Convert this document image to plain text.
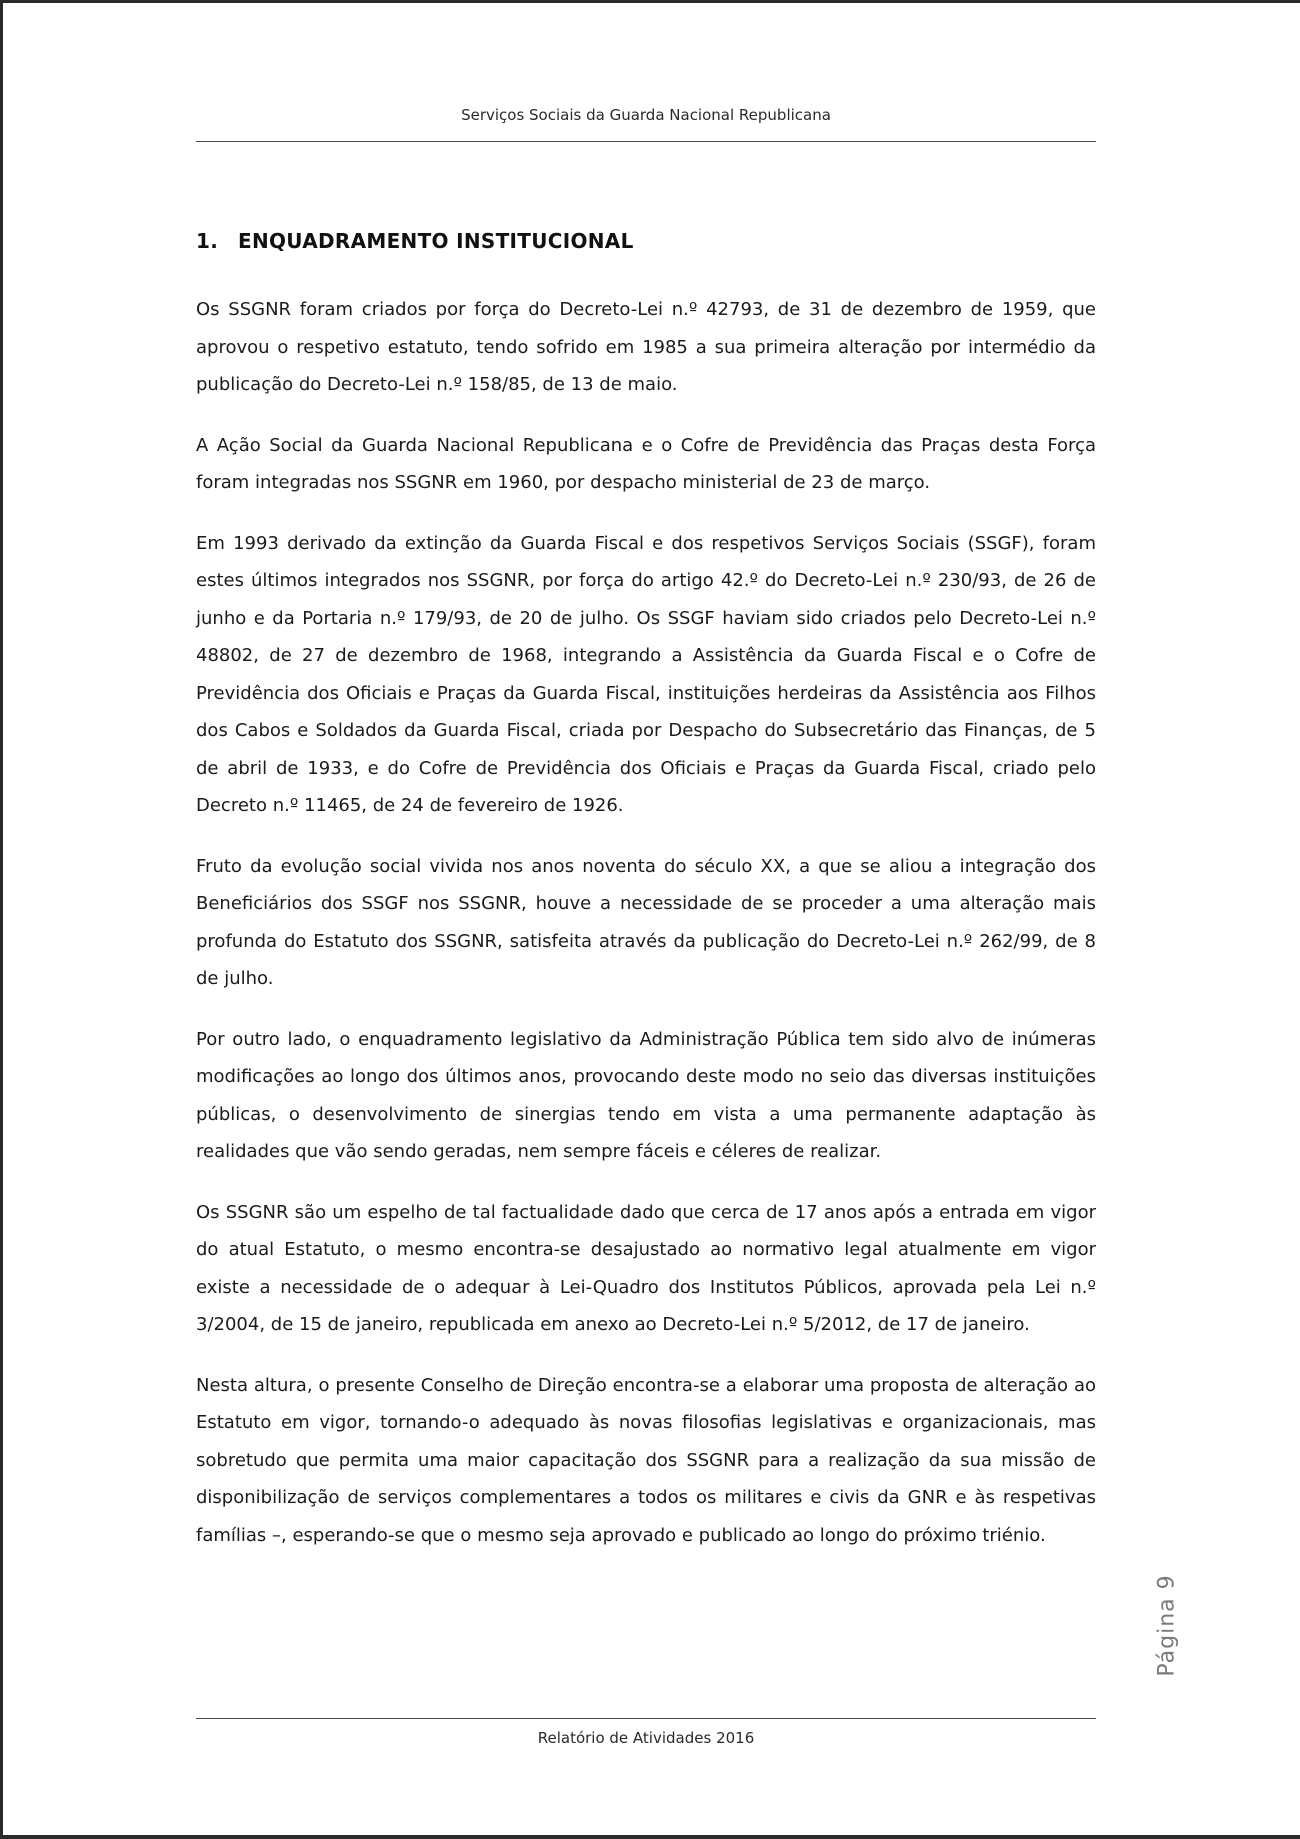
Serviços Sociais da Guarda Nacional Republicana
1. ENQUADRAMENTO INSTITUCIONAL

Os SSGNR foram criados por força do Decreto-Lei n.º 42793, de 31 de dezembro de 1959, que aprovou o respetivo estatuto, tendo sofrido em 1985 a sua primeira alteração por intermédio da publicação do Decreto-Lei n.º 158/85, de 13 de maio.

A Ação Social da Guarda Nacional Republicana e o Cofre de Previdência das Praças desta Força foram integradas nos SSGNR em 1960, por despacho ministerial de 23 de março.

Em 1993 derivado da extinção da Guarda Fiscal e dos respetivos Serviços Sociais (SSGF), foram estes últimos integrados nos SSGNR, por força do artigo 42.º do Decreto-Lei n.º 230/93, de 26 de junho e da Portaria n.º 179/93, de 20 de julho. Os SSGF haviam sido criados pelo Decreto-Lei n.º 48802, de 27 de dezembro de 1968, integrando a Assistência da Guarda Fiscal e o Cofre de Previdência dos Oficiais e Praças da Guarda Fiscal, instituições herdeiras da Assistência aos Filhos dos Cabos e Soldados da Guarda Fiscal, criada por Despacho do Subsecretário das Finanças, de 5 de abril de 1933, e do Cofre de Previdência dos Oficiais e Praças da Guarda Fiscal, criado pelo Decreto n.º 11465, de 24 de fevereiro de 1926.

Fruto da evolução social vivida nos anos noventa do século XX, a que se aliou a integração dos Beneficiários dos SSGF nos SSGNR, houve a necessidade de se proceder a uma alteração mais profunda do Estatuto dos SSGNR, satisfeita através da publicação do Decreto-Lei n.º 262/99, de 8 de julho.

Por outro lado, o enquadramento legislativo da Administração Pública tem sido alvo de inúmeras modificações ao longo dos últimos anos, provocando deste modo no seio das diversas instituições públicas, o desenvolvimento de sinergias tendo em vista a uma permanente adaptação às realidades que vão sendo geradas, nem sempre fáceis e céleres de realizar.

Os SSGNR são um espelho de tal factualidade dado que cerca de 17 anos após a entrada em vigor do atual Estatuto, o mesmo encontra-se desajustado ao normativo legal atualmente em vigor existe a necessidade de o adequar à Lei-Quadro dos Institutos Públicos, aprovada pela Lei n.º 3/2004, de 15 de janeiro, republicada em anexo ao Decreto-Lei n.º 5/2012, de 17 de janeiro.

Nesta altura, o presente Conselho de Direção encontra-se a elaborar uma proposta de alteração ao Estatuto em vigor, tornando-o adequado às novas filosofias legislativas e organizacionais, mas sobretudo que permita uma maior capacitação dos SSGNR para a realização da sua missão de disponibilização de serviços complementares a todos os militares e civis da GNR e às respetivas famílias –, esperando-se que o mesmo seja aprovado e publicado ao longo do próximo triénio.

Página 9
Relatório de Atividades 2016
